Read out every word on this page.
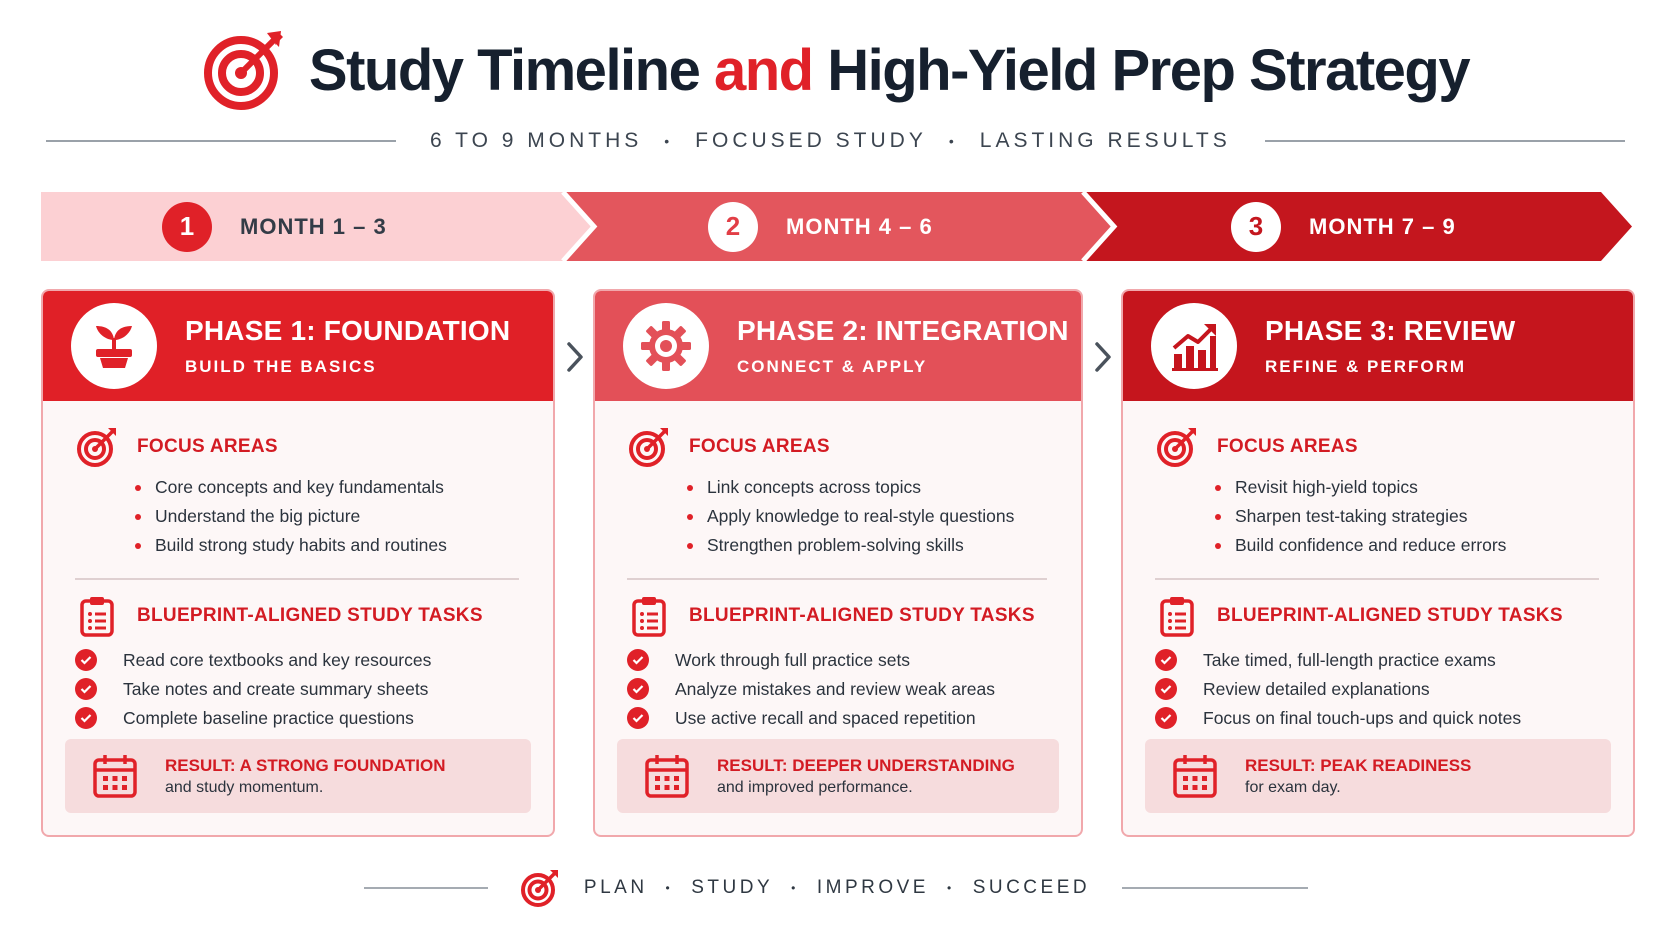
Study Timeline and High-Yield Prep Strategy
6 TO 9 MONTHS • FOCUSED STUDY • LASTING RESULTS
1	MONTH 1 – 3	2	MONTH 4 – 6	3	MONTH 7 – 9
PHASE 1: FOUNDATION
BUILD THE BASICS
FOCUS AREAS
Core concepts and key fundamentals
Understand the big picture
Build strong study habits and routines
BLUEPRINT-ALIGNED STUDY TASKS
Read core textbooks and key resources
Take notes and create summary sheets
Complete baseline practice questions
RESULT: A STRONG FOUNDATION
and study momentum.
PHASE 2: INTEGRATION
CONNECT & APPLY
FOCUS AREAS
Link concepts across topics
Apply knowledge to real-style questions
Strengthen problem-solving skills
BLUEPRINT-ALIGNED STUDY TASKS
Work through full practice sets
Analyze mistakes and review weak areas
Use active recall and spaced repetition
RESULT: DEEPER UNDERSTANDING
and improved performance.
PHASE 3: REVIEW
REFINE & PERFORM
FOCUS AREAS
Revisit high-yield topics
Sharpen test-taking strategies
Build confidence and reduce errors
BLUEPRINT-ALIGNED STUDY TASKS
Take timed, full-length practice exams
Review detailed explanations
Focus on final touch-ups and quick notes
RESULT: PEAK READINESS
for exam day.
PLAN • STUDY • IMPROVE • SUCCEED
